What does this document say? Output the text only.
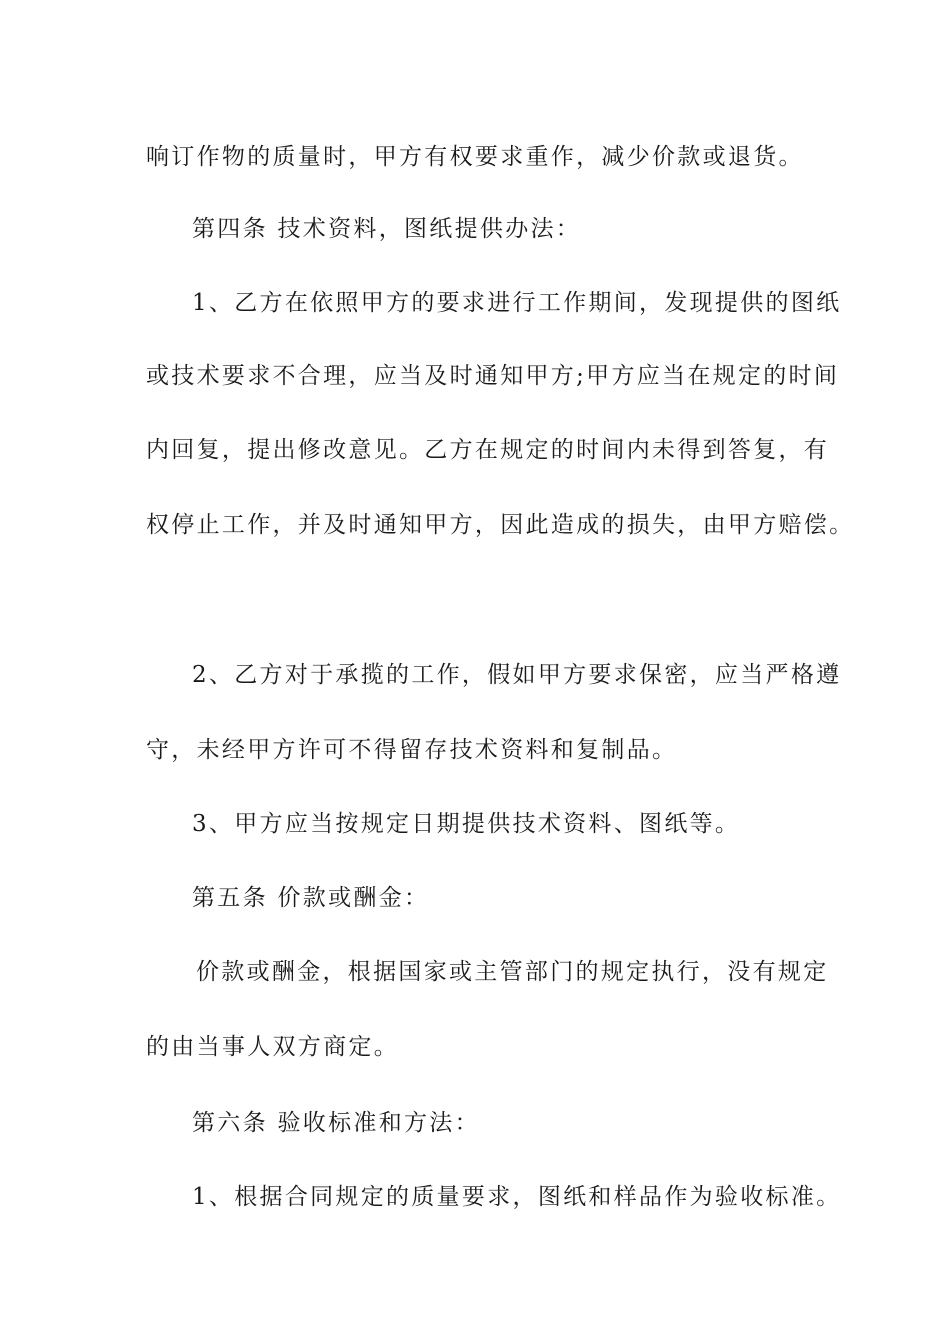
响订作物的质量时，甲方有权要求重作，减少价款或退货。
第四条 技术资料，图纸提供办法：
1、乙方在依照甲方的要求进行工作期间，发现提供的图纸
或技术要求不合理，应当及时通知甲方;甲方应当在规定的时间
内回复，提出修改意见。乙方在规定的时间内未得到答复，有
权停止工作，并及时通知甲方，因此造成的损失，由甲方赔偿。
2、乙方对于承揽的工作，假如甲方要求保密，应当严格遵
守，未经甲方许可不得留存技术资料和复制品。
3、甲方应当按规定日期提供技术资料、图纸等。
第五条 价款或酬金：
价款或酬金，根据国家或主管部门的规定执行，没有规定
的由当事人双方商定。
第六条 验收标准和方法：
1、根据合同规定的质量要求，图纸和样品作为验收标准。
